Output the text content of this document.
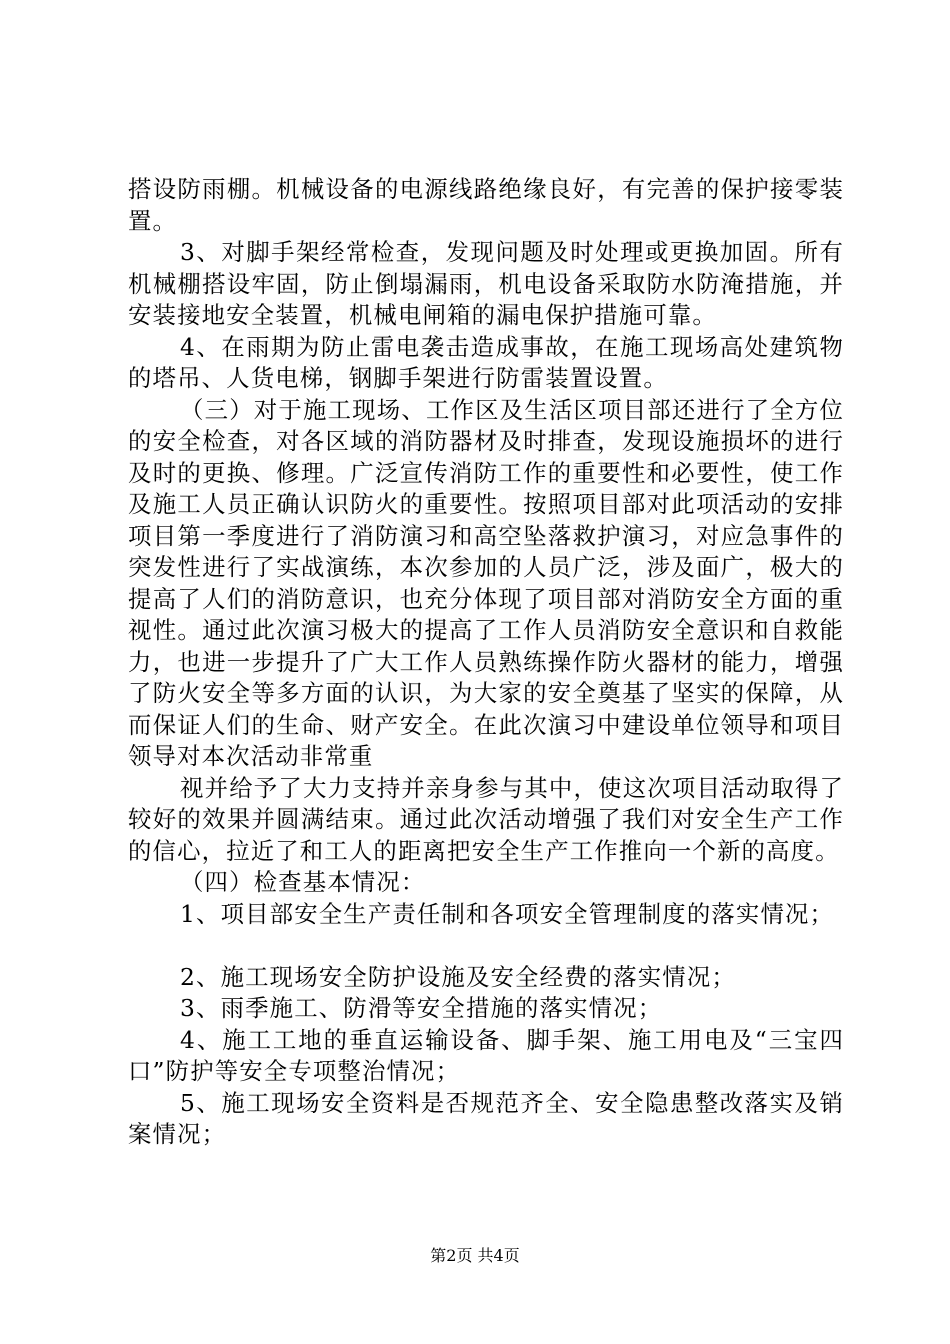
搭设防雨棚。机械设备的电源线路绝缘良好，有完善的保护接零装置。

3、对脚手架经常检查，发现问题及时处理或更换加固。所有机械棚搭设牢固，防止倒塌漏雨，机电设备采取防水防淹措施，并安装接地安全装置，机械电闸箱的漏电保护措施可靠。

4、在雨期为防止雷电袭击造成事故，在施工现场高处建筑物的塔吊、人货电梯，钢脚手架进行防雷装置设置。

（三）对于施工现场、工作区及生活区项目部还进行了全方位的安全检查，对各区域的消防器材及时排查，发现设施损坏的进行及时的更换、修理。广泛宣传消防工作的重要性和必要性，使工作及施工人员正确认识防火的重要性。按照项目部对此项活动的安排项目第一季度进行了消防演习和高空坠落救护演习，对应急事件的突发性进行了实战演练，本次参加的人员广泛，涉及面广，极大的提高了人们的消防意识，也充分体现了项目部对消防安全方面的重视性。通过此次演习极大的提高了工作人员消防安全意识和自救能力，也进一步提升了广大工作人员熟练操作防火器材的能力，增强了防火安全等多方面的认识，为大家的安全奠基了坚实的保障，从而保证人们的生命、财产安全。在此次演习中建设单位领导和项目领导对本次活动非常重

视并给予了大力支持并亲身参与其中，使这次项目活动取得了较好的效果并圆满结束。通过此次活动增强了我们对安全生产工作的信心，拉近了和工人的距离把安全生产工作推向一个新的高度。

（四）检查基本情况：

1、项目部安全生产责任制和各项安全管理制度的落实情况；

2、施工现场安全防护设施及安全经费的落实情况；

3、雨季施工、防滑等安全措施的落实情况；

4、施工工地的垂直运输设备、脚手架、施工用电及“三宝四口”防护等安全专项整治情况；

5、施工现场安全资料是否规范齐全、安全隐患整改落实及销案情况；

第2页 共4页
